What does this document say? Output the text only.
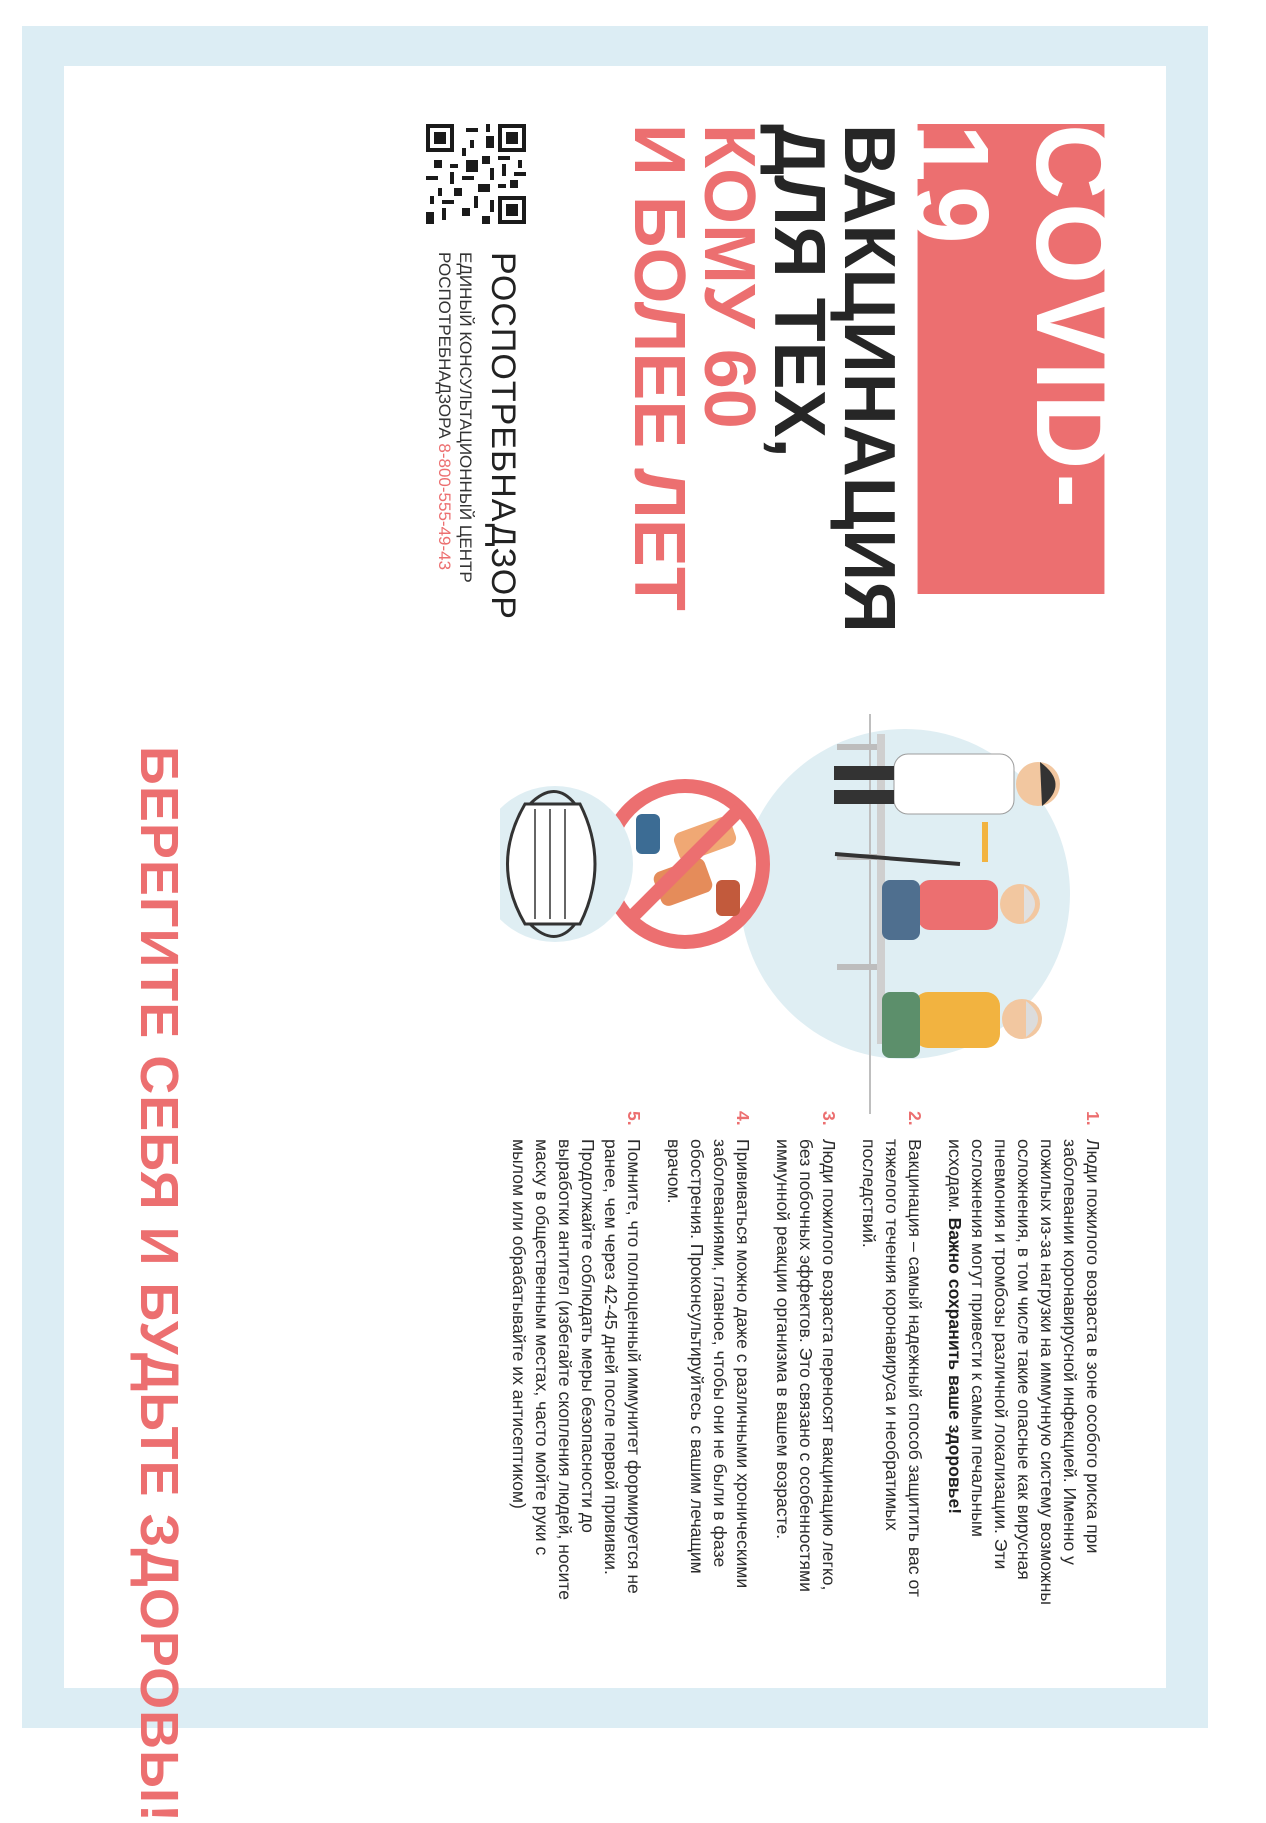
COVID-19
ВАКЦИНАЦИЯ
ДЛЯ ТЕХ,
КОМУ 60
И БОЛЕЕ ЛЕТ
РОСПОТРЕБНАДЗОР
ЕДИНЫЙ КОНСУЛЬТАЦИОННЫЙ ЦЕНТР
РОСПОТРЕБНАДЗОРА 8-800-555-49-43
1.
Люди пожилого возраста в зоне особого риска при заболевании коронавирусной инфекцией. Именно у пожилых из-за нагрузки на иммунную систему возможны осложнения, в том числе такие опасные как вирусная пневмония и тромбозы различной локализации. Эти осложнения могут привести к самым печальным исходам. Важно сохранить ваше здоровье!
2.
Вакцинация – самый надежный способ защитить вас от тяжелого течения коронавируса и необратимых последствий.
3.
Люди пожилого возраста переносят вакцинацию легко, без побочных эффектов. Это связано с особенностями иммунной реакции организма в вашем возрасте.
4.
Прививаться можно даже с различными хроническими заболеваниями, главное, чтобы они не были в фазе обострения. Проконсультируйтесь с вашим лечащим врачом.
5.
Помните, что полноценный иммунитет формируется не ранее, чем через 42-45 дней после первой прививки. Продолжайте соблюдать меры безопасности до выработки антител (избегайте скопления людей, носите маску в общественным местах, часто мойте руки с мылом или обрабатывайте их антисептиком)
БЕРЕГИТЕ СЕБЯ И БУДЬТЕ ЗДОРОВЫ!
